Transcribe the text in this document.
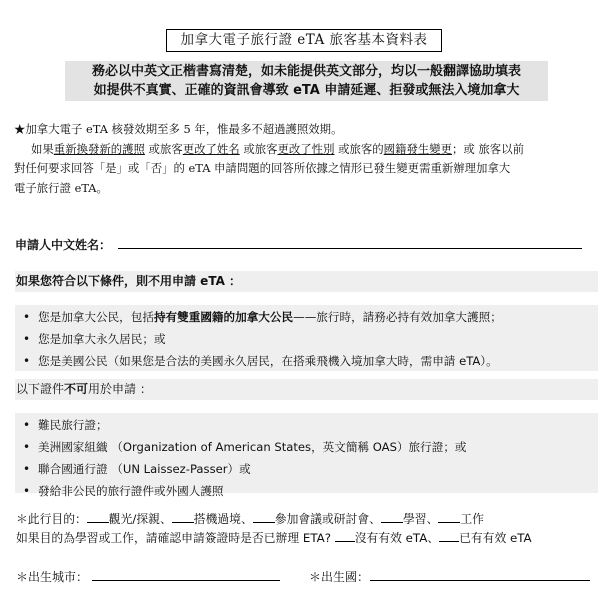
加拿大電子旅行證 eTA 旅客基本資料表
務必以中英文正楷書寫清楚，如未能提供英文部分，均以一般翻譯協助填表
如提供不真實、正確的資訊會導致 eTA 申請延遲、拒發或無法入境加拿大
★加拿大電子 eTA 核發效期至多 5 年，惟最多不超過護照效期。
如果重新換發新的護照 或旅客更改了姓名 或旅客更改了性別 或旅客的國籍發生變更；或 旅客以前
對任何要求回答「是」或「否」的 eTA 申請問題的回答所依據之情形已發生變更需重新辦理加拿大
電子旅行證 eTA。
申請人中文姓名：
如果您符合以下條件，則不用申請 eTA ：
• 您是加拿大公民，包括持有雙重國籍的加拿大公民——旅行時，請務必持有效加拿大護照；
• 您是加拿大永久居民；或
• 您是美國公民（如果您是合法的美國永久居民，在搭乘飛機入境加拿大時，需申請 eTA）。
以下證件不可用於申請 ：
• 難民旅行證；
• 美洲國家組織 （Organization of American States，英文簡稱 OAS）旅行證；或
• 聯合國通行證 （UN Laissez-Passer）或
• 發給非公民的旅行證件或外國人護照
＊此行目的： 觀光/探親、 搭機過境、 參加會議或研討會、 學習、 工作
如果目的為學習或工作，請確認申請簽證時是否已辦理 ETA? 沒有有效 eTA、 已有有效 eTA
＊出生城市：	＊出生國：
